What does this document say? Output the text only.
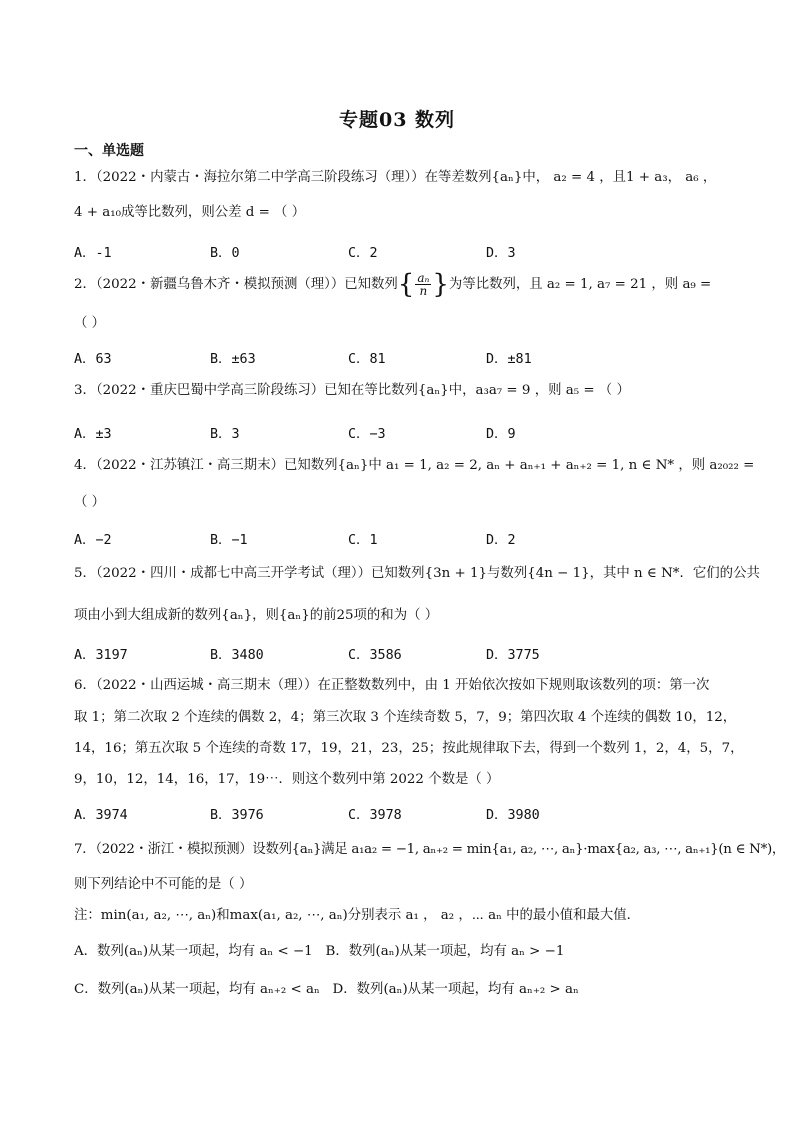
专题03 数列
一、单选题
1．（2022・内蒙古・海拉尔第二中学高三阶段练习（理））在等差数列{aₙ}中， a₂ = 4 ，且1 + a₃， a₆ ，
4 + a₁₀成等比数列，则公差 d = （ ）
A．-1	B．0	C．2	D．3
2．（2022・新疆乌鲁木齐・模拟预测（理））已知数列{ $\frac{\text{aₙ}}{n}$ }为等比数列，且 a₂ = 1, a₇ = 21 ，则 a₉ =
（ ）
A．63	B．±63	C．81	D．±81
3．（2022・重庆巴蜀中学高三阶段练习）已知在等比数列{aₙ}中，a₃a₇ = 9 ，则 a₅ = （ ）
A．±3	B．3	C．−3	D．9
4．（2022・江苏镇江・高三期末）已知数列{aₙ}中 a₁ = 1, a₂ = 2, aₙ + aₙ₊₁ + aₙ₊₂ = 1, n ∈ N* ，则 a₂₀₂₂ =
（ ）
A．−2	B．−1	C．1	D．2
5．（2022・四川・成都七中高三开学考试（理））已知数列{3n + 1}与数列{4n − 1}，其中 n ∈ N*．它们的公共
项由小到大组成新的数列{aₙ}，则{aₙ}的前25项的和为（ ）
A．3197	B．3480	C．3586	D．3775
6．（2022・山西运城・高三期末（理））在正整数数列中，由 1 开始依次按如下规则取该数列的项：第一次
取 1；第二次取 2 个连续的偶数 2，4；第三次取 3 个连续奇数 5，7，9；第四次取 4 个连续的偶数 10，12，
14，16；第五次取 5 个连续的奇数 17，19，21，23，25；按此规律取下去，得到一个数列 1，2，4，5，7，
9，10，12，14，16，17，19⋯．则这个数列中第 2022 个数是（ ）
A．3974	B．3976	C．3978	D．3980
7．（2022・浙江・模拟预测）设数列{aₙ}满足 a₁a₂ = −1, aₙ₊₂ = min{a₁, a₂, ⋯, aₙ}·max{a₂, a₃, ⋯, aₙ₊₁}(n ∈ N*)，
则下列结论中不可能的是（ ）
注：min(a₁, a₂, ⋯, aₙ)和max(a₁, a₂, ⋯, aₙ)分别表示 a₁ ， a₂ ，⋯ aₙ 中的最小值和最大值．
A．数列(aₙ)从某一项起，均有 aₙ < −1 B．数列(aₙ)从某一项起，均有 aₙ > −1
C．数列(aₙ)从某一项起，均有 aₙ₊₂ < aₙ D．数列(aₙ)从某一项起，均有 aₙ₊₂ > aₙ
